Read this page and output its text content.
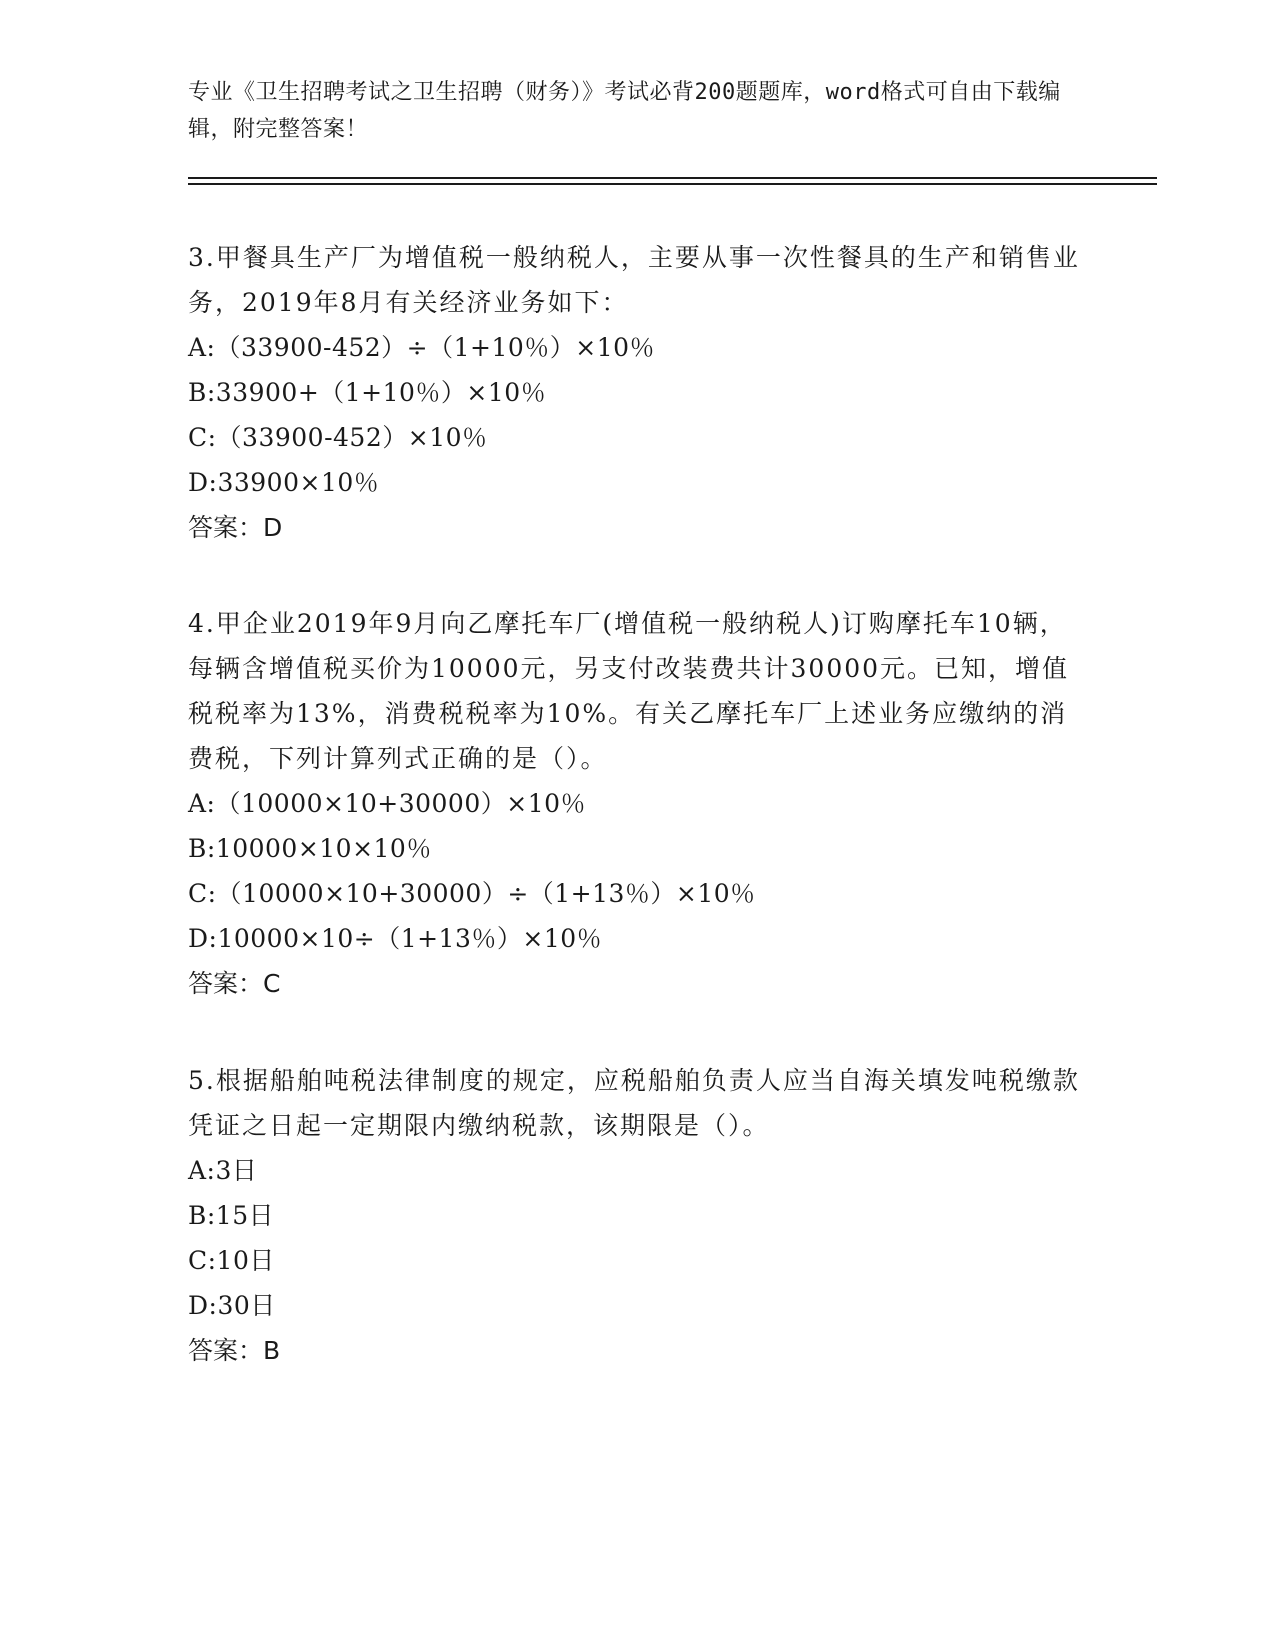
专业《卫生招聘考试之卫生招聘（财务）》考试必背200题题库，word格式可自由下载编辑，附完整答案！

3.甲餐具生产厂为增值税一般纳税人，主要从事一次性餐具的生产和销售业务，2019年8月有关经济业务如下：

A:（33900-452）÷（1+10％）×10％

B:33900+（1+10％）×10％

C:（33900-452）×10％

D:33900×10％

答案：D

4.甲企业2019年9月向乙摩托车厂(增值税一般纳税人)订购摩托车10辆，每辆含增值税买价为10000元，另支付改装费共计30000元。已知，增值税税率为13%，消费税税率为10%。有关乙摩托车厂上述业务应缴纳的消费税，下列计算列式正确的是（）。

A:（10000×10+30000）×10％

B:10000×10×10％

C:（10000×10+30000）÷（1+13％）×10％

D:10000×10÷（1+13％）×10％

答案：C

5.根据船舶吨税法律制度的规定，应税船舶负责人应当自海关填发吨税缴款凭证之日起一定期限内缴纳税款，该期限是（）。

A:3日

B:15日

C:10日

D:30日

答案：B
